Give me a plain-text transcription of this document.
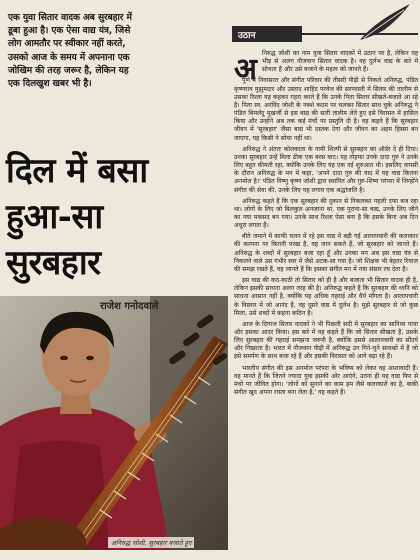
एक युवा सितार वादक अब सुरबहार में
डूबा हुआ है। एक ऐसा वाद्य यंत्र, जिसे
लोग आमतौर पर स्वीकार नहीं करते,
उसको आज के समय में अपनाना एक
जोखिम की तरह जरूर है, लेकिन यह
एक दिलखुश खबर भी है।
दिल में बसा
हुआ-सा
सुरबहार
राजेश गनोदवाले
अनिरुद्ध जोशी, सुरबहार बजाते हुए
उठान
अ निरुद्ध जोशी का नाम युवा सितार वादकों में उठान पर है, लेकिन वह भीड़ से अलग नौजवान सितार वादक है। वह दुर्लभ वाद्य के बारे में सोचता है और उसे बजाने के महत्व को जानते हैं।

पुणे में निवासरत और संगीत परिवार की तीसरी पीढ़ी से निकले अनिरुद्ध, पंडित कृष्णराव मुझुमदार और उस्ताद शाहिद परवेज की सरपरस्ती में सितार की तालीम से उसका रिश्ता यह कहकर गहरा करते हैं कि उनके पिता सितार सीखते-बजाते आ रहे हैं। पिता स्व. अरविंद जोशी के नक्शे कदम पर चलकर सितार साध चुके अनिरुद्ध ने पंडित बिमलेंदु मुखर्जी से इस बाद्य की सारी तालीम लेते हुए इसे विरासत में हासिल किया और उन्होंने अब तक कई मंचों पर प्रस्तुति दी है। वह कहते हैं कि सुरबहार जीवन में 'सुरबहार' जैसा बाद्य भी दस्तक देगा और जीवन का अहम हिस्सा बन जाएगा, यह किसी ने सोचा नहीं था।

अनिरुद्ध ने अंततः कोलकाता के नामी शिल्पी से सुरबहार का ऑर्डर दे ही दिया। उनका सुरबहार उन्हें मिला ठीक एक बरस बाद। यह तोहफा उनके दादा गुरु ने उनके लिए बहुत कीमती रहा, क्योंकि उनके लिए यह एक नई शुरुआत थी। इसलिए वापसी के दौरान अनिरुद्ध के मन में कहा, 'अपने दादा गुरु की याद में यह वाद्य कितना अनमोल है।' पंडित विष्णु कृष्ण जोशी द्वारा स्थापित और गुरु-शिष्य परंपरा में जिन्होंने संगीत की सेवा की, उनके लिए यह लगाव एक श्रद्धांजलि है।

अनिरुद्ध कहते हैं कि एक सुरबहार की दुकान से निकलकर पहली दफा बज रहा था। लोगों के लिए जो बिलकुल अनजाना था, एक पुराना-सा वाद्य, उनके लिए जीने का नया मकसद बन गया। उनके साथ रिश्ता ऐसा बना है कि इसके बिना अब दिन अधूरा लगता है।

बीते जमाने में काफी चलन में रहे इस वाद्य में बड़ी गई आलापचारी की कलाकार की कल्पना पर कितनी परख है, वह जान सकते हैं, जो सुरबहार को जानते हैं। अनिरुद्ध के शब्दों में सुरबहार बजा रहा हूँ और उनका मन अब इस वाद्य यंत्र से निकलने वाले उस गंभीर स्वर में जैसे अटक-सा गया है। जो शिक्षक भी बेहतर रियाज की समझ रखते हैं, वह जानते हैं कि इसका संगीत मन में नया संसार रच देता है।

इस वाद्य की कद-काठी तो सितार को ही है और बजाता भी सितार वादक ही है, लेकिन इसकी साधना अलग तरह की है। अनिरुद्ध कहते हैं कि सुरबहार की ध्वनि को साधना आसान नहीं है, क्योंकि यह अधिक गहराई और धैर्य माँगता है। आलापचारी के विस्तार में जो आनंद है, वह दूसरे वाद्य में दुर्लभ है। मुझे सुरबहार से जो कुछ मिला, उसे शब्दों में कहना कठिन है।

आज के दिग्गज सितार वादकों ने भी पिछली सदी में सुरबहार का सानिध्य पाया और इसका आदर किया। इस बारे में वह कहते हैं कि जो सितार सीखता है, उसके लिए सुरबहार की गहराई समझना जरूरी है, क्योंकि इससे आलापचारी का सौंदर्य और निखरता है। भारत में नौजवान पीढ़ी में अनिरुद्ध उन गिने-चुने साधकों में हैं जो इसे समर्पण के साथ बजा रहे हैं और इसकी विरासत को आगे बढ़ा रहे हैं।

भारतीय संगीत की इस अनमोल परंपरा के भविष्य को लेकर वह आशावादी हैं। वह मानते हैं कि जितने ज्यादा युवा इसकी ओर आएंगे, उतना ही यह वाद्य फिर से मंचों पर जीवित होगा। 'लोगों को सुनाने का काम हम जैसे कलाकारों का है, बाकी संगीत खुद अपना रास्ता बना लेता है,' वह कहते हैं।
